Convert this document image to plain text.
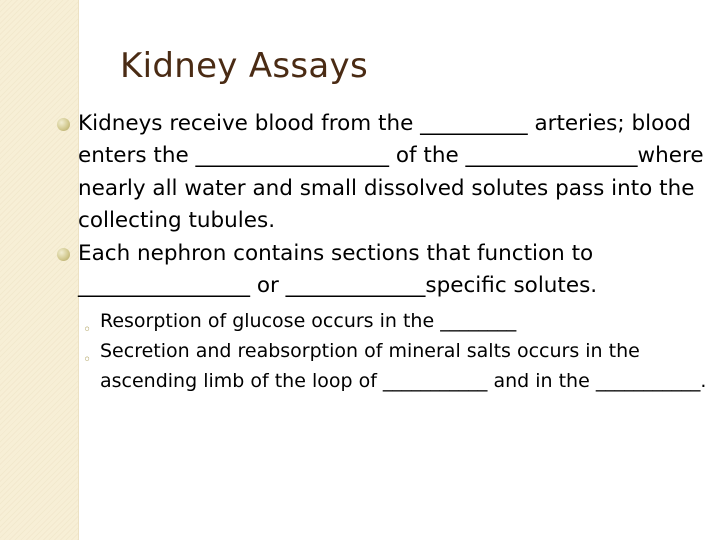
Kidney Assays
Kidneys receive blood from the __________ arteries; blood enters the __________________ of the ________________where nearly all water and small dissolved solutes pass into the collecting tubules.
Each nephron contains sections that function to ________________ or _____________specific solutes.
◦ Resorption of glucose occurs in the ________
◦ Secretion and reabsorption of mineral salts occurs in the ascending limb of the loop of ___________ and in the ___________.
